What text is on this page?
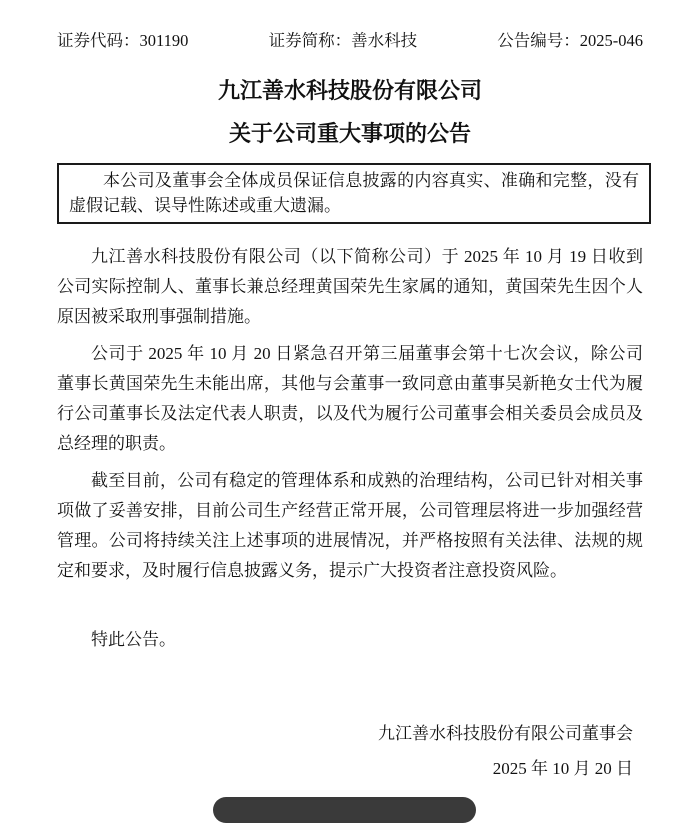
证券代码：301190	证券简称：善水科技	公告编号：2025-046
九江善水科技股份有限公司
关于公司重大事项的公告

本公司及董事会全体成员保证信息披露的内容真实、准确和完整，没有虚假记载、误导性陈述或重大遗漏。

九江善水科技股份有限公司（以下简称公司）于 2025 年 10 月 19 日收到公司实际控制人、董事长兼总经理黄国荣先生家属的通知，黄国荣先生因个人原因被采取刑事强制措施。

公司于 2025 年 10 月 20 日紧急召开第三届董事会第十七次会议，除公司董事长黄国荣先生未能出席，其他与会董事一致同意由董事吴新艳女士代为履行公司董事长及法定代表人职责，以及代为履行公司董事会相关委员会成员及总经理的职责。

截至目前，公司有稳定的管理体系和成熟的治理结构，公司已针对相关事项做了妥善安排，目前公司生产经营正常开展，公司管理层将进一步加强经营管理。公司将持续关注上述事项的进展情况，并严格按照有关法律、法规的规定和要求，及时履行信息披露义务，提示广大投资者注意投资风险。

特此公告。

九江善水科技股份有限公司董事会
2025 年 10 月 20 日
